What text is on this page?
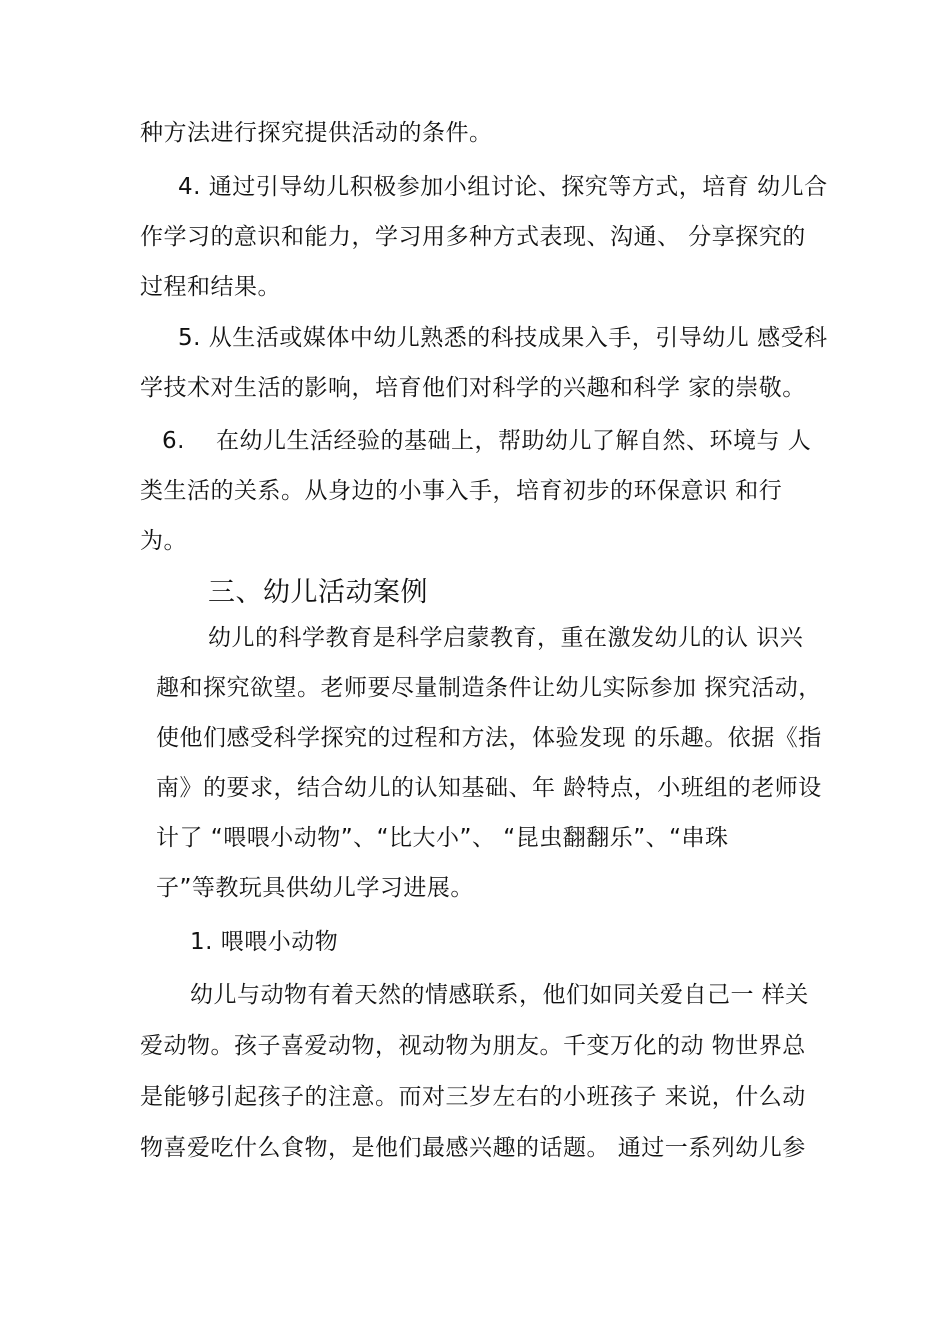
种方法进行探究提供活动的条件。
4. 通过引导幼儿积极参加小组讨论、探究等方式，培育 幼儿合
作学习的意识和能力，学习用多种方式表现、沟通、 分享探究的
过程和结果。
5. 从生活或媒体中幼儿熟悉的科技成果入手，引导幼儿 感受科
学技术对生活的影响，培育他们对科学的兴趣和科学 家的崇敬。
6. 在幼儿生活经验的基础上，帮助幼儿了解自然、环境与 人
类生活的关系。从身边的小事入手，培育初步的环保意识 和行
为。
三、幼儿活动案例
幼儿的科学教育是科学启蒙教育，重在激发幼儿的认 识兴
趣和探究欲望。老师要尽量制造条件让幼儿实际参加 探究活动，
使他们感受科学探究的过程和方法，体验发现 的乐趣。依据《指
南》的要求，结合幼儿的认知基础、年 龄特点，小班组的老师设
计了 “喂喂小动物”、“比大小”、 “昆虫翻翻乐”、“串珠
子”等教玩具供幼儿学习进展。
1. 喂喂小动物
幼儿与动物有着天然的情感联系，他们如同关爱自己一 样关
爱动物。孩子喜爱动物，视动物为朋友。千变万化的动 物世界总
是能够引起孩子的注意。而对三岁左右的小班孩子 来说，什么动
物喜爱吃什么食物，是他们最感兴趣的话题。 通过一系列幼儿参
